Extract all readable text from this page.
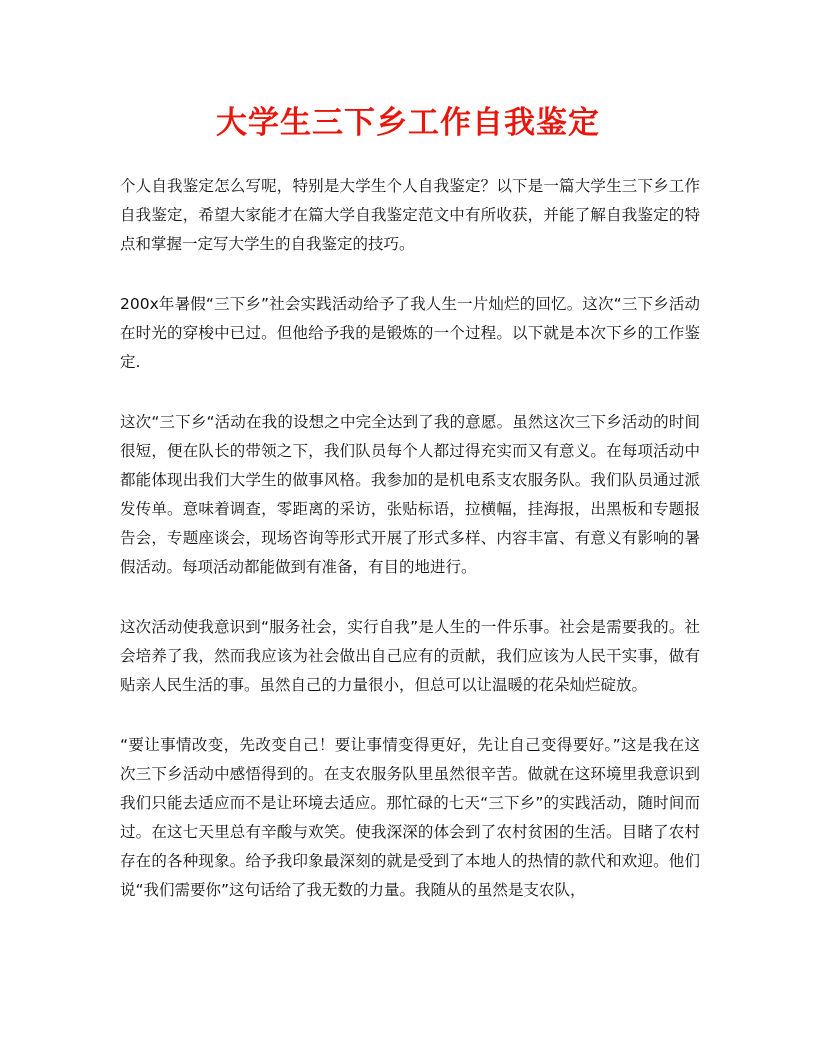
大学生三下乡工作自我鉴定

个人自我鉴定怎么写呢，特别是大学生个人自我鉴定？以下是一篇大学生三下乡工作自我鉴定，希望大家能才在篇大学自我鉴定范文中有所收获，并能了解自我鉴定的特点和掌握一定写大学生的自我鉴定的技巧。

200x年暑假“三下乡”社会实践活动给予了我人生一片灿烂的回忆。这次“三下乡活动在时光的穿梭中已过。但他给予我的是锻炼的一个过程。以下就是本次下乡的工作鉴定.

这次“三下乡“活动在我的设想之中完全达到了我的意愿。虽然这次三下乡活动的时间很短，便在队长的带领之下，我们队员每个人都过得充实而又有意义。在每项活动中都能体现出我们大学生的做事风格。我参加的是机电系支农服务队。我们队员通过派发传单。意味着调查，零距离的采访，张贴标语，拉横幅，挂海报，出黑板和专题报告会，专题座谈会，现场咨询等形式开展了形式多样、内容丰富、有意义有影响的暑假活动。每项活动都能做到有准备，有目的地进行。

这次活动使我意识到“服务社会，实行自我”是人生的一件乐事。社会是需要我的。社会培养了我，然而我应该为社会做出自己应有的贡献，我们应该为人民干实事，做有贴亲人民生活的事。虽然自己的力量很小，但总可以让温暖的花朵灿烂碇放。

“要让事情改变，先改变自己！要让事情变得更好，先让自己变得要好。”这是我在这次三下乡活动中感悟得到的。在支农服务队里虽然很辛苦。做就在这环境里我意识到我们只能去适应而不是让环境去适应。那忙碌的七天“三下乡”的实践活动，随时间而过。在这七天里总有辛酸与欢笑。使我深深的体会到了农村贫困的生活。目睹了农村存在的各种现象。给予我印象最深刻的就是受到了本地人的热情的款代和欢迎。他们说“我们需要你”这句话给了我无数的力量。我随从的虽然是支农队，
